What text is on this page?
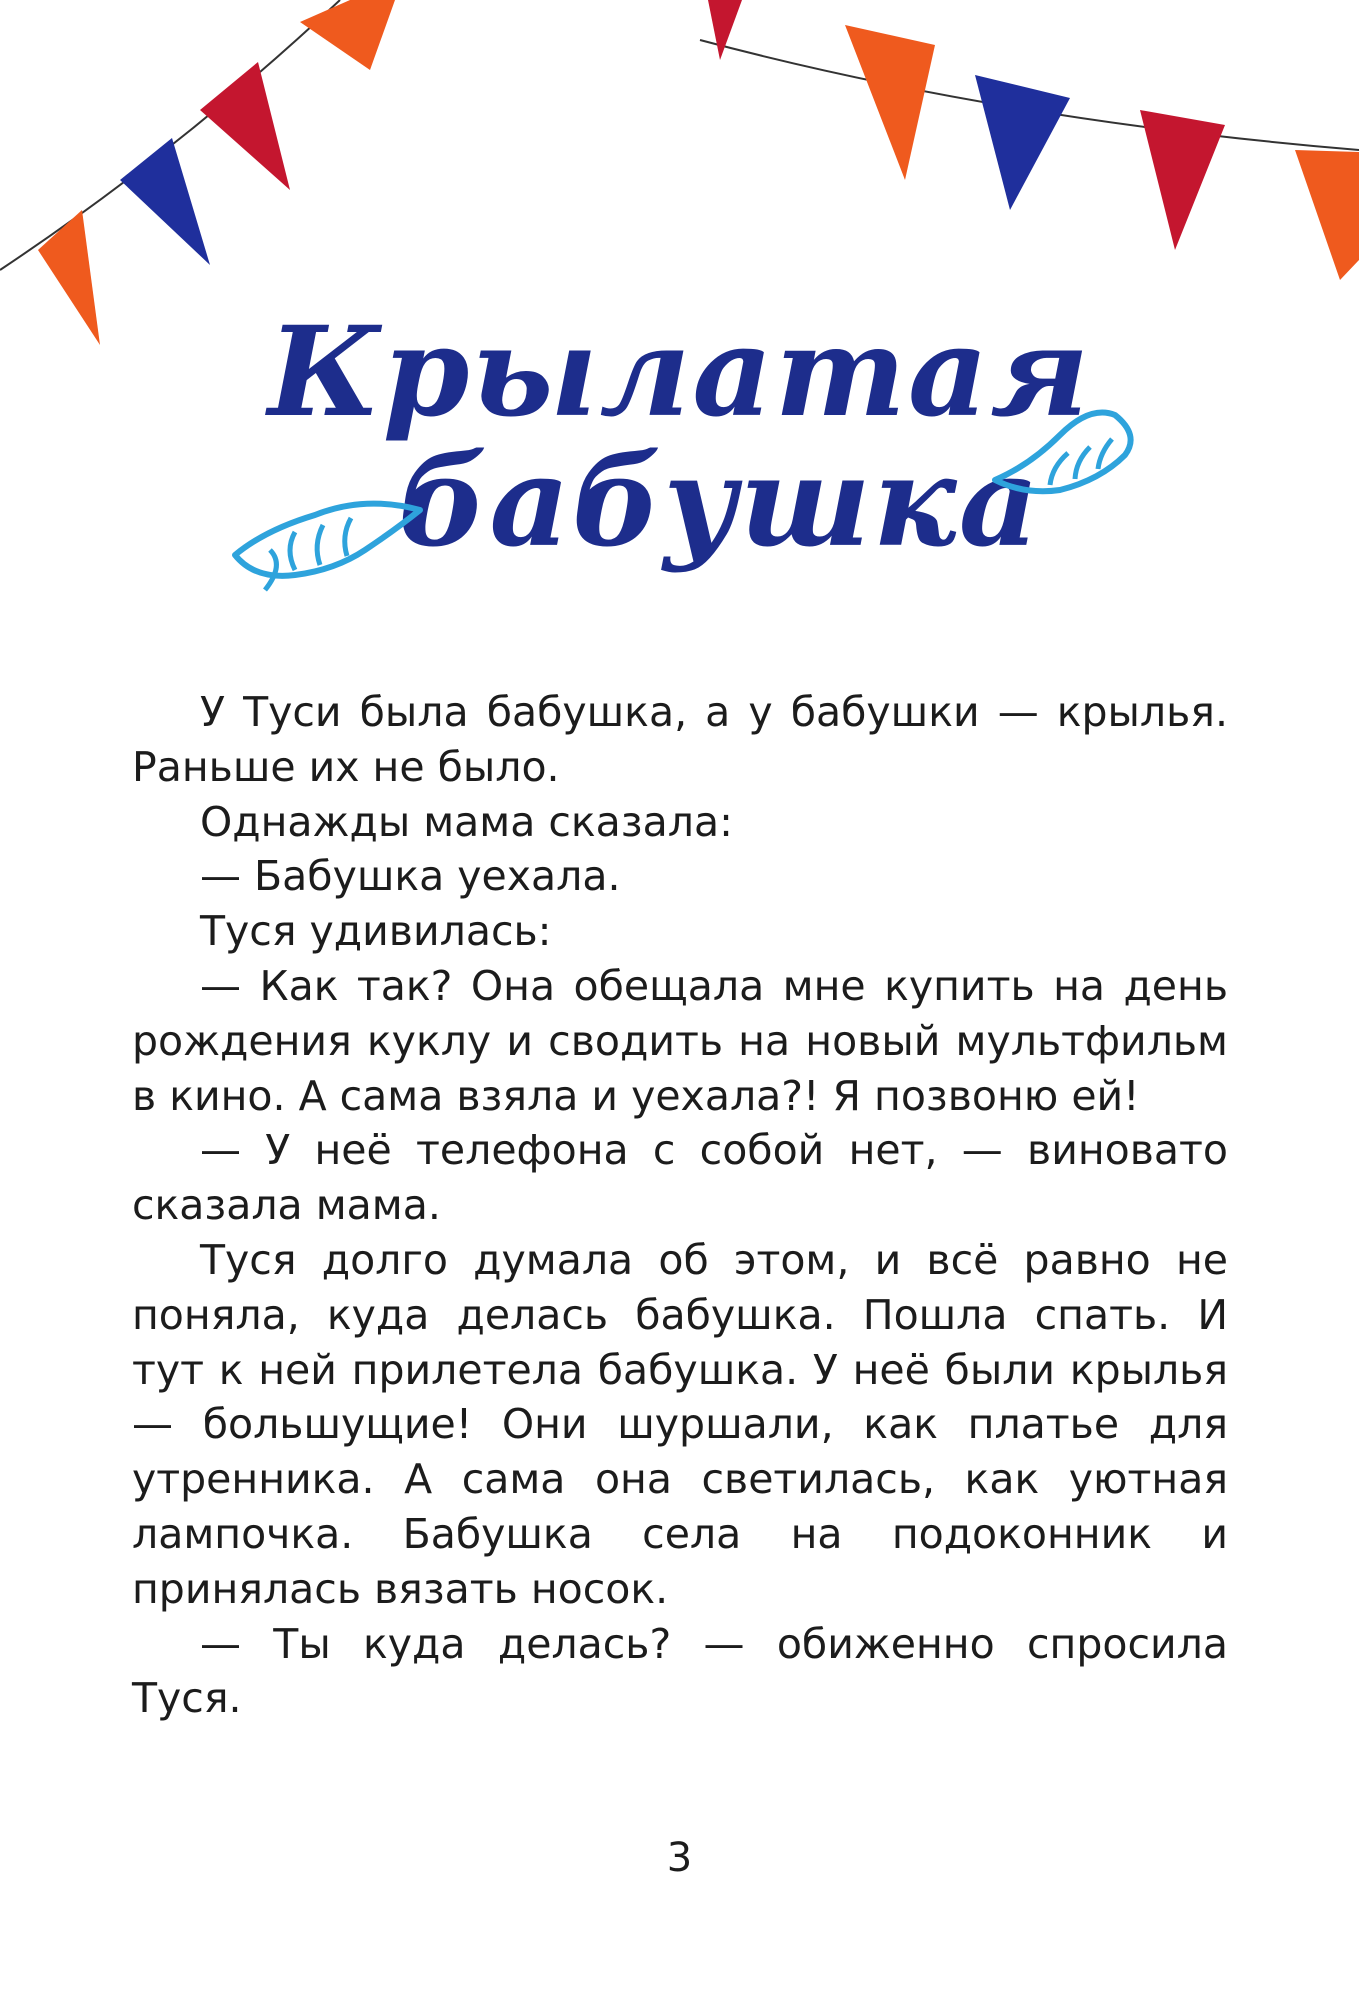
Крылатая
бабушка

У Туси была бабушка, а у бабушки — крылья. Раньше их не было.

Однажды мама сказала:

— Бабушка уехала.

Туся удивилась:

— Как так? Она обещала мне купить на день рождения куклу и сводить на новый мультфильм в кино. А сама взяла и уехала?! Я позвоню ей!

— У неё телефона с собой нет, — виновато сказала мама.

Туся долго думала об этом, и всё равно не поняла, куда делась бабушка. Пошла спать. И тут к ней прилетела бабушка. У неё были крылья — большущие! Они шуршали, как платье для утренника. А сама она светилась, как уютная лампочка. Бабушка села на подоконник и принялась вязать носок.

— Ты куда делась? — обиженно спросила Туся.

3
